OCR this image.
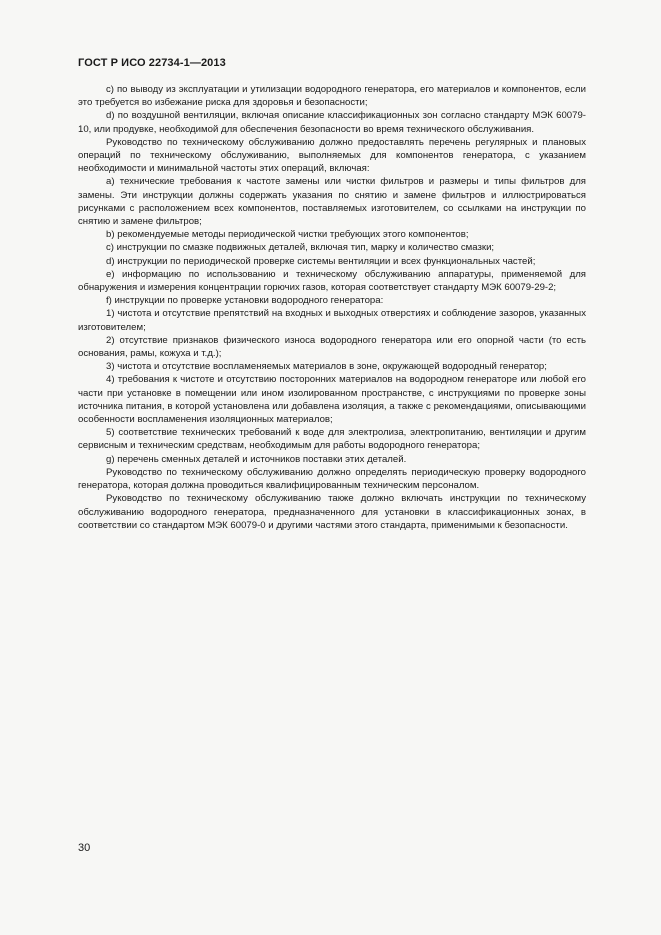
ГОСТ Р ИСО 22734-1—2013

c) по выводу из эксплуатации и утилизации водородного генератора, его материалов и компонентов, если это требуется во избежание риска для здоровья и безопасности;

d) по воздушной вентиляции, включая описание классификационных зон согласно стандарту МЭК 60079-10, или продувке, необходимой для обеспечения безопасности во время технического обслуживания.

Руководство по техническому обслуживанию должно предоставлять перечень регулярных и плановых операций по техническому обслуживанию, выполняемых для компонентов генератора, с указанием необходимости и минимальной частоты этих операций, включая:

a) технические требования к частоте замены или чистки фильтров и размеры и типы фильтров для замены. Эти инструкции должны содержать указания по снятию и замене фильтров и иллюстрироваться рисунками с расположением всех компонентов, поставляемых изготовителем, со ссылками на инструкции по снятию и замене фильтров;

b) рекомендуемые методы периодической чистки требующих этого компонентов;

c) инструкции по смазке подвижных деталей, включая тип, марку и количество смазки;

d) инструкции по периодической проверке системы вентиляции и всех функциональных частей;

e) информацию по использованию и техническому обслуживанию аппаратуры, применяемой для обнаружения и измерения концентрации горючих газов, которая соответствует стандарту МЭК 60079-29-2;

f) инструкции по проверке установки водородного генератора:

1) чистота и отсутствие препятствий на входных и выходных отверстиях и соблюдение зазоров, указанных изготовителем;

2) отсутствие признаков физического износа водородного генератора или его опорной части (то есть основания, рамы, кожуха и т.д.);

3) чистота и отсутствие воспламеняемых материалов в зоне, окружающей водородный генератор;

4) требования к чистоте и отсутствию посторонних материалов на водородном генераторе или любой его части при установке в помещении или ином изолированном пространстве, с инструкциями по проверке зоны источника питания, в которой установлена или добавлена изоляция, а также с рекомендациями, описывающими особенности воспламенения изоляционных материалов;

5) соответствие технических требований к воде для электролиза, электропитанию, вентиляции и другим сервисным и техническим средствам, необходимым для работы водородного генератора;

g) перечень сменных деталей и источников поставки этих деталей.

Руководство по техническому обслуживанию должно определять периодическую проверку водородного генератора, которая должна проводиться квалифицированным техническим персоналом.

Руководство по техническому обслуживанию также должно включать инструкции по техническому обслуживанию водородного генератора, предназначенного для установки в классификационных зонах, в соответствии со стандартом МЭК 60079-0 и другими частями этого стандарта, применимыми к безопасности.

30
